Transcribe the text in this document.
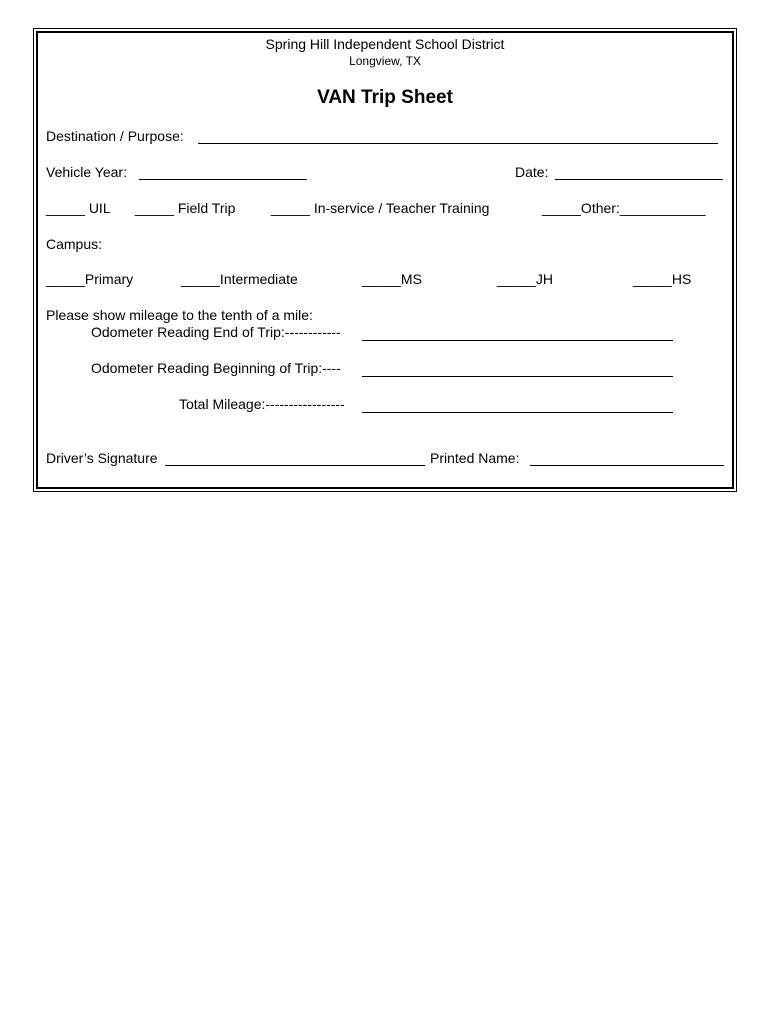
Spring Hill Independent School District
Longview, TX
VAN Trip Sheet
Destination / Purpose:
Vehicle Year:	Date:
_____ UIL _____ Field Trip	_____ In-service / Teacher Training	_____Other:___________
Campus:
_____Primary	_____Intermediate	_____MS	_____JH	_____HS
Please show mileage to the tenth of a mile:
Odometer Reading End of Trip:------------
Odometer Reading Beginning of Trip:----
Total Mileage:-----------------
Driver’s Signature	Printed Name:
